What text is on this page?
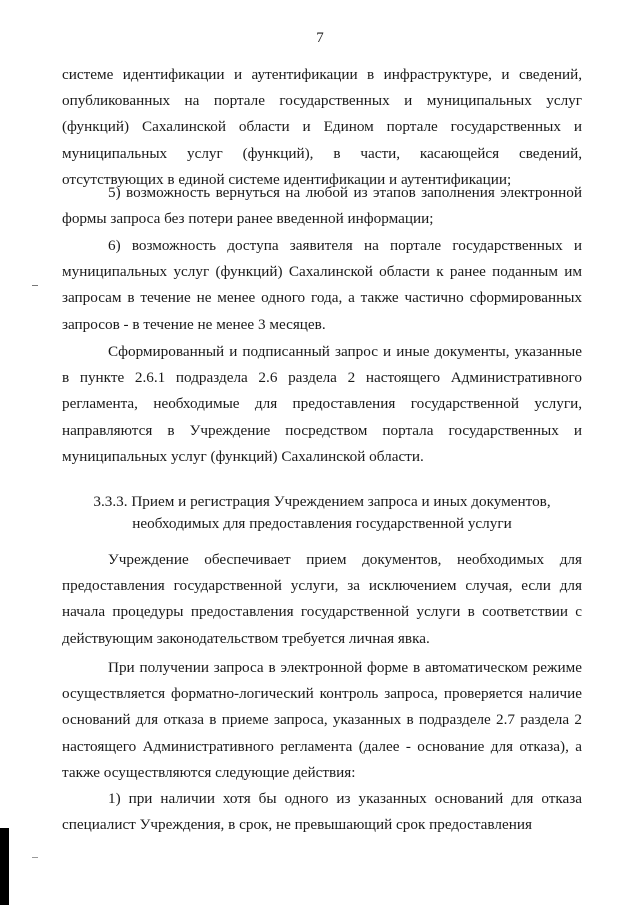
7

системе идентификации и аутентификации в инфраструктуре, и сведений, опубликованных на портале государственных и муниципальных услуг (функций) Сахалинской области и Едином портале государственных и муниципальных услуг (функций), в части, касающейся сведений, отсутствующих в единой системе идентификации и аутентификации;

5) возможность вернуться на любой из этапов заполнения электронной формы запроса без потери ранее введенной информации;

6) возможность доступа заявителя на портале государственных и муниципальных услуг (функций) Сахалинской области к ранее поданным им запросам в течение не менее одного года, а также частично сформированных запросов - в течение не менее 3 месяцев.

Сформированный и подписанный запрос и иные документы, указанные в пункте 2.6.1 подраздела 2.6 раздела 2 настоящего Административного регламента, необходимые для предоставления государственной услуги, направляются в Учреждение посредством портала государственных и муниципальных услуг (функций) Сахалинской области.

3.3.3. Прием и регистрация Учреждением запроса и иных документов,
необходимых для предоставления государственной услуги

Учреждение обеспечивает прием документов, необходимых для предоставления государственной услуги, за исключением случая, если для начала процедуры предоставления государственной услуги в соответствии с действующим законодательством требуется личная явка.

При получении запроса в электронной форме в автоматическом режиме осуществляется форматно-логический контроль запроса, проверяется наличие оснований для отказа в приеме запроса, указанных в подразделе 2.7 раздела 2 настоящего Административного регламента (далее - основание для отказа), а также осуществляются следующие действия:

1) при наличии хотя бы одного из указанных оснований для отказа специалист Учреждения, в срок, не превышающий срок предоставления
